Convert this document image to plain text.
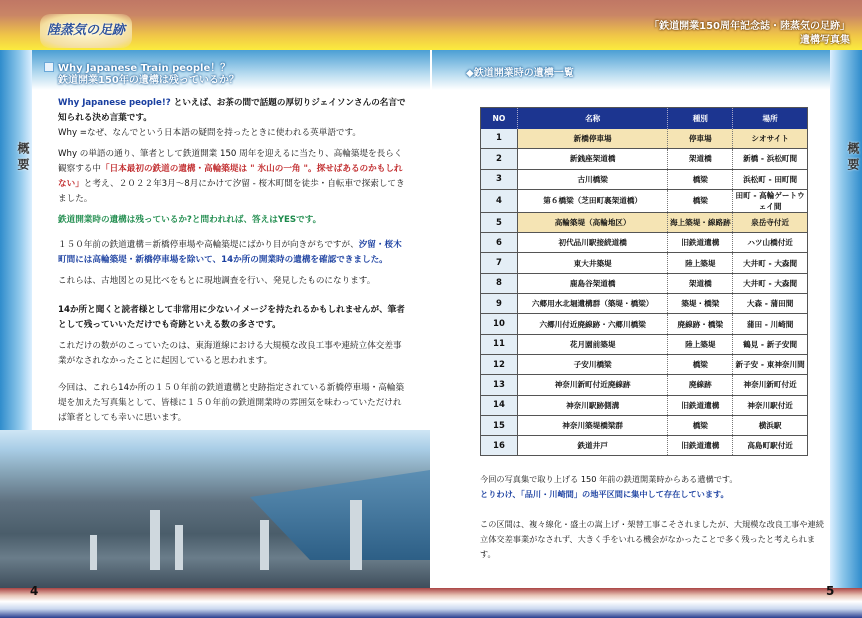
概要	概要
陸蒸気の足跡	「鉄道開業150周年記念誌・陸蒸気の足跡」
遺構写真集
Why Japanese Train people！？
鉄道開業150年の遺構は残っているか？

Why Japanese people!? といえば、お茶の間で話題の厚切りジェイソンさんの名言で知られる決め言葉です。
Why =なぜ、なんでという日本語の疑問を持ったときに使われる英単語です。

Why の単語の通り、筆者として鉄道開業 150 周年を迎えるに当たり、高輪築堤を長らく観察する中「日本最初の鉄道の遺構・高輪築堤は " 氷山の一角 "。探せばあるのかもしれない」と考え、２０２２年3月～8月にかけて汐留 - 桜木町間を徒歩・自転車で探索してきました。

鉄道開業時の遺構は残っているか?と問われれば、答えはYESです。

１５０年前の鉄道遺構＝新橋停車場や高輪築堤にばかり目が向きがちですが、汐留・桜木町間には高輪築堤・新橋停車場を除いて、14か所の開業時の遺構を確認できました。

これらは、古地図との見比べをもとに現地調査を行い、発見したものになります。

14か所と聞くと読者様として非常用に少ないイメージを持たれるかもしれませんが、筆者として残っていいただけでも奇跡といえる数の多さです。

これだけの数がのこっていたのは、東海道線における大規模な改良工事や連続立体交差事業がなされなかったことに起因していると思われます。

今回は、これら14か所の１５０年前の鉄道遺構と史跡指定されている新橋停車場・高輪築堤を加えた写真集として、皆様に１５０年前の鉄道開業時の雰囲気を味わっていただければ筆者としても幸いに思います。

◆鉄道開業時の遺構一覧
NO	名称	種別	場所
1	新橋停車場	停車場	シオサイト
2	新銭座架道橋	架道橋	新橋 - 浜松町間
3	古川橋梁	橋梁	浜松町 - 田町間
4	第６橋梁（芝田町裏架道橋）	橋梁	田町 - 高輪ゲートウェイ間
5	高輪築堤（高輪地区）	海上築堤・線路跡	泉岳寺付近
6	初代品川駅接続道橋	旧鉄道遺構	ハツ山橋付近
7	東大井築堤	陸上築堤	大井町 - 大森間
8	鹿島谷架道橋	架道橋	大井町 - 大森間
9	六郷用水北堀遺構群（築堤・橋梁）	築堤・橋梁	大森 - 蒲田間
10	六郷川付近廃線跡・六郷川橋梁	廃線跡・橋梁	蒲田 - 川崎間
11	花月園前築堤	陸上築堤	鶴見 - 新子安間
12	子安川橋梁	橋梁	新子安 - 東神奈川間
13	神奈川新町付近廃線跡	廃線跡	神奈川新町付近
14	神奈川駅跡側溝	旧鉄道遺構	神奈川駅付近
15	神奈川築堤橋梁群	橋梁	横浜駅
16	鉄道井戸	旧鉄道遺構	高島町駅付近
今回の写真集で取り上げる 150 年前の鉄道開業時からある遺構です。
とりわけ、「品川・川崎間」の地平区間に集中して存在しています。
この区間は、複々線化・盛土の嵩上げ・架替工事こそされましたが、大規模な改良工事や連続立体交差事業がなされず、大きく手をいれる機会がなかったことで多く残ったと考えられます。
4	5
